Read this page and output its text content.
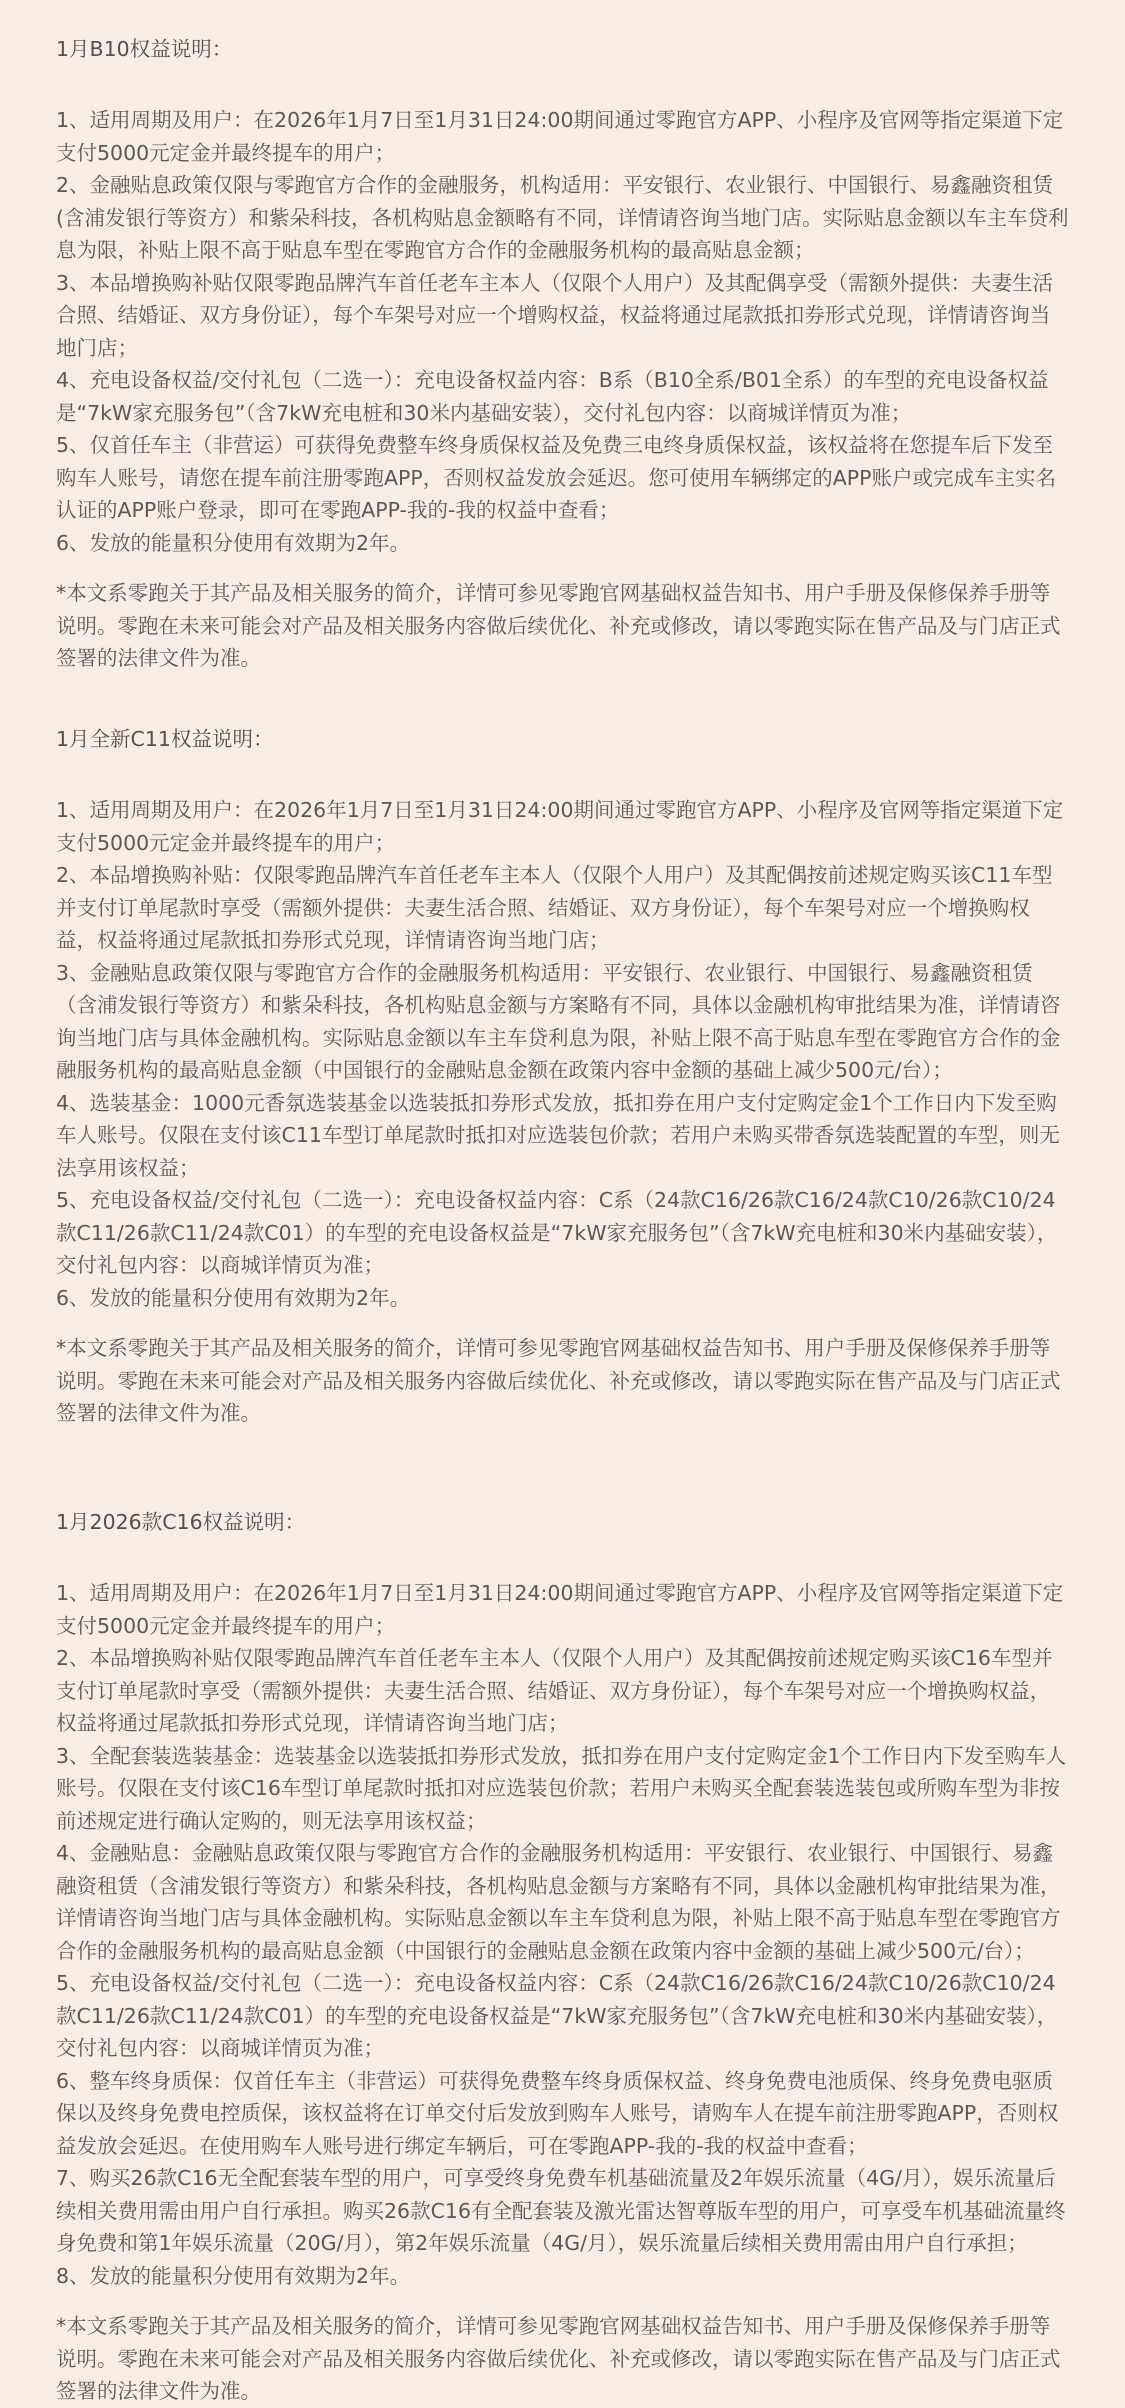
1月B10权益说明：

1、适用周期及用户：在2026年1月7日至1月31日24:00期间通过零跑官方APP、小程序及官网等指定渠道下定支付5000元定金并最终提车的用户；

2、金融贴息政策仅限与零跑官方合作的金融服务，机构适用：平安银行、农业银行、中国银行、易鑫融资租赁(含浦发银行等资方）和紫朵科技，各机构贴息金额略有不同，详情请咨询当地门店。实际贴息金额以车主车贷利息为限，补贴上限不高于贴息车型在零跑官方合作的金融服务机构的最高贴息金额；

3、本品增换购补贴仅限零跑品牌汽车首任老车主本人（仅限个人用户）及其配偶享受（需额外提供：夫妻生活合照、结婚证、双方身份证），每个车架号对应一个增购权益，权益将通过尾款抵扣券形式兑现，详情请咨询当地门店；

4、充电设备权益/交付礼包（二选一）：充电设备权益内容：B系（B10全系/B01全系）的车型的充电设备权益是“7kW家充服务包”（含7kW充电桩和30米内基础安装），交付礼包内容：以商城详情页为准；

5、仅首任车主（非营运）可获得免费整车终身质保权益及免费三电终身质保权益，该权益将在您提车后下发至购车人账号，请您在提车前注册零跑APP，否则权益发放会延迟。您可使用车辆绑定的APP账户或完成车主实名认证的APP账户登录，即可在零跑APP-我的-我的权益中查看；

6、发放的能量积分使用有效期为2年。

*本文系零跑关于其产品及相关服务的简介，详情可参见零跑官网基础权益告知书、用户手册及保修保养手册等说明。零跑在未来可能会对产品及相关服务内容做后续优化、补充或修改，请以零跑实际在售产品及与门店正式签署的法律文件为准。

1月全新C11权益说明：

1、适用周期及用户：在2026年1月7日至1月31日24:00期间通过零跑官方APP、小程序及官网等指定渠道下定支付5000元定金并最终提车的用户；

2、本品增换购补贴：仅限零跑品牌汽车首任老车主本人（仅限个人用户）及其配偶按前述规定购买该C11车型并支付订单尾款时享受（需额外提供：夫妻生活合照、结婚证、双方身份证），每个车架号对应一个增换购权益，权益将通过尾款抵扣券形式兑现，详情请咨询当地门店；

3、金融贴息政策仅限与零跑官方合作的金融服务机构适用：平安银行、农业银行、中国银行、易鑫融资租赁（含浦发银行等资方）和紫朵科技，各机构贴息金额与方案略有不同，具体以金融机构审批结果为准，详情请咨询当地门店与具体金融机构。实际贴息金额以车主车贷利息为限，补贴上限不高于贴息车型在零跑官方合作的金融服务机构的最高贴息金额（中国银行的金融贴息金额在政策内容中金额的基础上减少500元/台）；

4、选装基金：1000元香氛选装基金以选装抵扣券形式发放，抵扣券在用户支付定购定金1个工作日内下发至购车人账号。仅限在支付该C11车型订单尾款时抵扣对应选装包价款；若用户未购买带香氛选装配置的车型，则无法享用该权益；

5、充电设备权益/交付礼包（二选一）：充电设备权益内容：C系（24款C16/26款C16/24款C10/26款C10/24款C11/26款C11/24款C01）的车型的充电设备权益是“7kW家充服务包”（含7kW充电桩和30米内基础安装），交付礼包内容：以商城详情页为准；

6、发放的能量积分使用有效期为2年。

*本文系零跑关于其产品及相关服务的简介，详情可参见零跑官网基础权益告知书、用户手册及保修保养手册等说明。零跑在未来可能会对产品及相关服务内容做后续优化、补充或修改，请以零跑实际在售产品及与门店正式签署的法律文件为准。

1月2026款C16权益说明：

1、适用周期及用户：在2026年1月7日至1月31日24:00期间通过零跑官方APP、小程序及官网等指定渠道下定支付5000元定金并最终提车的用户；

2、本品增换购补贴仅限零跑品牌汽车首任老车主本人（仅限个人用户）及其配偶按前述规定购买该C16车型并支付订单尾款时享受（需额外提供：夫妻生活合照、结婚证、双方身份证），每个车架号对应一个增换购权益，权益将通过尾款抵扣券形式兑现，详情请咨询当地门店；

3、全配套装选装基金：选装基金以选装抵扣券形式发放，抵扣券在用户支付定购定金1个工作日内下发至购车人账号。仅限在支付该C16车型订单尾款时抵扣对应选装包价款；若用户未购买全配套装选装包或所购车型为非按前述规定进行确认定购的，则无法享用该权益；

4、金融贴息：金融贴息政策仅限与零跑官方合作的金融服务机构适用：平安银行、农业银行、中国银行、易鑫融资租赁（含浦发银行等资方）和紫朵科技，各机构贴息金额与方案略有不同，具体以金融机构审批结果为准，详情请咨询当地门店与具体金融机构。实际贴息金额以车主车贷利息为限，补贴上限不高于贴息车型在零跑官方合作的金融服务机构的最高贴息金额（中国银行的金融贴息金额在政策内容中金额的基础上减少500元/台）；

5、充电设备权益/交付礼包（二选一）：充电设备权益内容：C系（24款C16/26款C16/24款C10/26款C10/24款C11/26款C11/24款C01）的车型的充电设备权益是“7kW家充服务包”（含7kW充电桩和30米内基础安装），交付礼包内容：以商城详情页为准；

6、整车终身质保：仅首任车主（非营运）可获得免费整车终身质保权益、终身免费电池质保、终身免费电驱质保以及终身免费电控质保，该权益将在订单交付后发放到购车人账号，请购车人在提车前注册零跑APP，否则权益发放会延迟。在使用购车人账号进行绑定车辆后，可在零跑APP-我的-我的权益中查看；

7、购买26款C16无全配套装车型的用户，可享受终身免费车机基础流量及2年娱乐流量（4G/月），娱乐流量后续相关费用需由用户自行承担。购买26款C16有全配套装及激光雷达智尊版车型的用户，可享受车机基础流量终身免费和第1年娱乐流量（20G/月），第2年娱乐流量（4G/月），娱乐流量后续相关费用需由用户自行承担；

8、发放的能量积分使用有效期为2年。

*本文系零跑关于其产品及相关服务的简介，详情可参见零跑官网基础权益告知书、用户手册及保修保养手册等说明。零跑在未来可能会对产品及相关服务内容做后续优化、补充或修改，请以零跑实际在售产品及与门店正式签署的法律文件为准。
